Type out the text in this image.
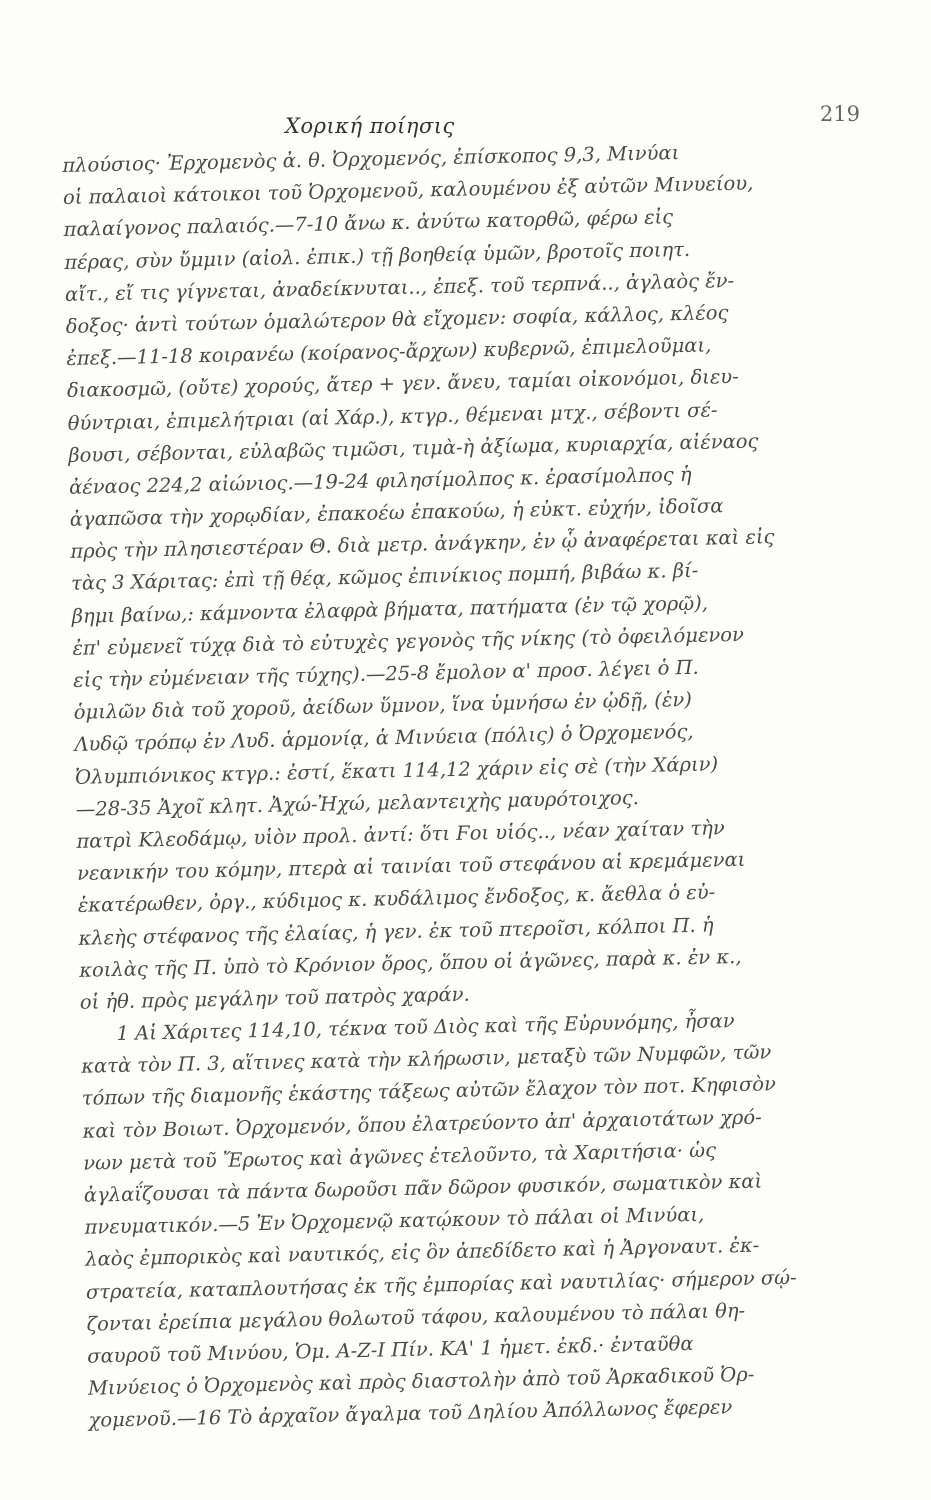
Χορική ποίησις	219
πλούσιος· Ἐρχομενὸς ἀ. θ. Ὀρχομενός, ἐπίσκοπος 9,3, Μινύαι
οἱ παλαιοὶ κάτοικοι τοῦ Ὀρχομενοῦ, καλουμένου ἐξ αὐτῶν Μινυείου,
παλαίγονος παλαιός.—7-10 ἄνω κ. ἀνύτω κατορθῶ, φέρω εἰς
πέρας, σὺν ὔμμιν (αἰολ. ἐπικ.) τῇ βοηθείᾳ ὑμῶν, βροτοῖς ποιητ.
αἴτ., εἴ τις γίγνεται, ἀναδείκνυται.., ἐπεξ. τοῦ τερπνά.., ἀγλαὸς ἔν-
δοξος· ἀντὶ τούτων ὁμαλώτερον θὰ εἴχομεν: σοφία, κάλλος, κλέος
ἐπεξ.—11-18 κοιρανέω (κοίρανος-ἄρχων) κυβερνῶ, ἐπιμελοῦμαι,
διακοσμῶ, (οὔτε) χορούς, ἄτερ + γεν. ἄνευ, ταμίαι οἰκονόμοι, διευ-
θύντριαι, ἐπιμελήτριαι (αἱ Χάρ.), κτγρ., θέμεναι μτχ., σέβοντι σέ-
βουσι, σέβονται, εὐλαβῶς τιμῶσι, τιμὰ-ὴ ἀξίωμα, κυριαρχία, αἰέναος
ἀέναος 224,2 αἰώνιος.—19-24 φιλησίμολπος κ. ἐρασίμολπος ἡ
ἀγαπῶσα τὴν χορῳδίαν, ἐπακοέω ἐπακούω, ἡ εὐκτ. εὐχήν, ἰδοῖσα
πρὸς τὴν πλησιεστέραν Θ. διὰ μετρ. ἀνάγκην, ἐν ᾧ ἀναφέρεται καὶ εἰς
τὰς 3 Χάριτας: ἐπὶ τῇ θέᾳ, κῶμος ἐπινίκιος πομπή, βιβάω κ. βί-
βημι βαίνω,: κάμνοντα ἐλαφρὰ βήματα, πατήματα (ἐν τῷ χορῷ),
ἐπ' εὐμενεῖ τύχᾳ διὰ τὸ εὐτυχὲς γεγονὸς τῆς νίκης (τὸ ὀφειλόμενον
εἰς τὴν εὐμένειαν τῆς τύχης).—25-8 ἔμολον α' προσ. λέγει ὁ Π.
ὁμιλῶν διὰ τοῦ χοροῦ, ἀείδων ὕμνον, ἵνα ὑμνήσω ἐν ᾠδῇ, (ἐν)
Λυδῷ τρόπῳ ἐν Λυδ. ἁρμονίᾳ, ἁ Μινύεια (πόλις) ὁ Ὀρχομενός,
Ὀλυμπιόνικος κτγρ.: ἐστί, ἕκατι 114,12 χάριν εἰς σὲ (τὴν Χάριν)
—28-35 Ἀχοῖ κλητ. Ἀχώ-Ἠχώ, μελαντειχὴς μαυρότοιχος.
πατρὶ Κλεοδάμῳ, υἱὸν προλ. ἀντί: ὅτι Ϝοι υἱός.., νέαν χαίταν τὴν
νεανικήν του κόμην, πτερὰ αἱ ταινίαι τοῦ στεφάνου αἱ κρεμάμεναι
ἑκατέρωθεν, ὀργ., κύδιμος κ. κυδάλιμος ἔνδοξος, κ. ἄεθλα ὁ εὐ-
κλεὴς στέφανος τῆς ἐλαίας, ἡ γεν. ἐκ τοῦ πτεροῖσι, κόλποι Π. ἡ
κοιλὰς τῆς Π. ὑπὸ τὸ Κρόνιον ὄρος, ὅπου οἱ ἀγῶνες, παρὰ κ. ἐν κ.,
οἱ ἠθ. πρὸς μεγάλην τοῦ πατρὸς χαράν.
1 Αἱ Χάριτες 114,10, τέκνα τοῦ Διὸς καὶ τῆς Εὐρυνόμης, ἦσαν
κατὰ τὸν Π. 3, αἵτινες κατὰ τὴν κλήρωσιν, μεταξὺ τῶν Νυμφῶν, τῶν
τόπων τῆς διαμονῆς ἑκάστης τάξεως αὐτῶν ἔλαχον τὸν ποτ. Κηφισὸν
καὶ τὸν Βοιωτ. Ὀρχομενόν, ὅπου ἐλατρεύοντο ἀπ' ἀρχαιοτάτων χρό-
νων μετὰ τοῦ Ἔρωτος καὶ ἀγῶνες ἐτελοῦντο, τὰ Χαριτήσια· ὡς
ἀγλαΐζουσαι τὰ πάντα δωροῦσι πᾶν δῶρον φυσικόν, σωματικὸν καὶ
πνευματικόν.—5 Ἐν Ὀρχομενῷ κατῴκουν τὸ πάλαι οἱ Μινύαι,
λαὸς ἐμπορικὸς καὶ ναυτικός, εἰς ὃν ἀπεδίδετο καὶ ἡ Ἀργοναυτ. ἐκ-
στρατεία, καταπλουτήσας ἐκ τῆς ἐμπορίας καὶ ναυτιλίας· σήμερον σῴ-
ζονται ἐρείπια μεγάλου θολωτοῦ τάφου, καλουμένου τὸ πάλαι θη-
σαυροῦ τοῦ Μινύου, Ὁμ. Α-Ζ-Ι Πίν. ΚΑ' 1 ἡμετ. ἐκδ.· ἐνταῦθα
Μινύειος ὁ Ὀρχομενὸς καὶ πρὸς διαστολὴν ἀπὸ τοῦ Ἀρκαδικοῦ Ὀρ-
χομενοῦ.—16 Τὸ ἀρχαῖον ἄγαλμα τοῦ Δηλίου Ἀπόλλωνος ἔφερεν
